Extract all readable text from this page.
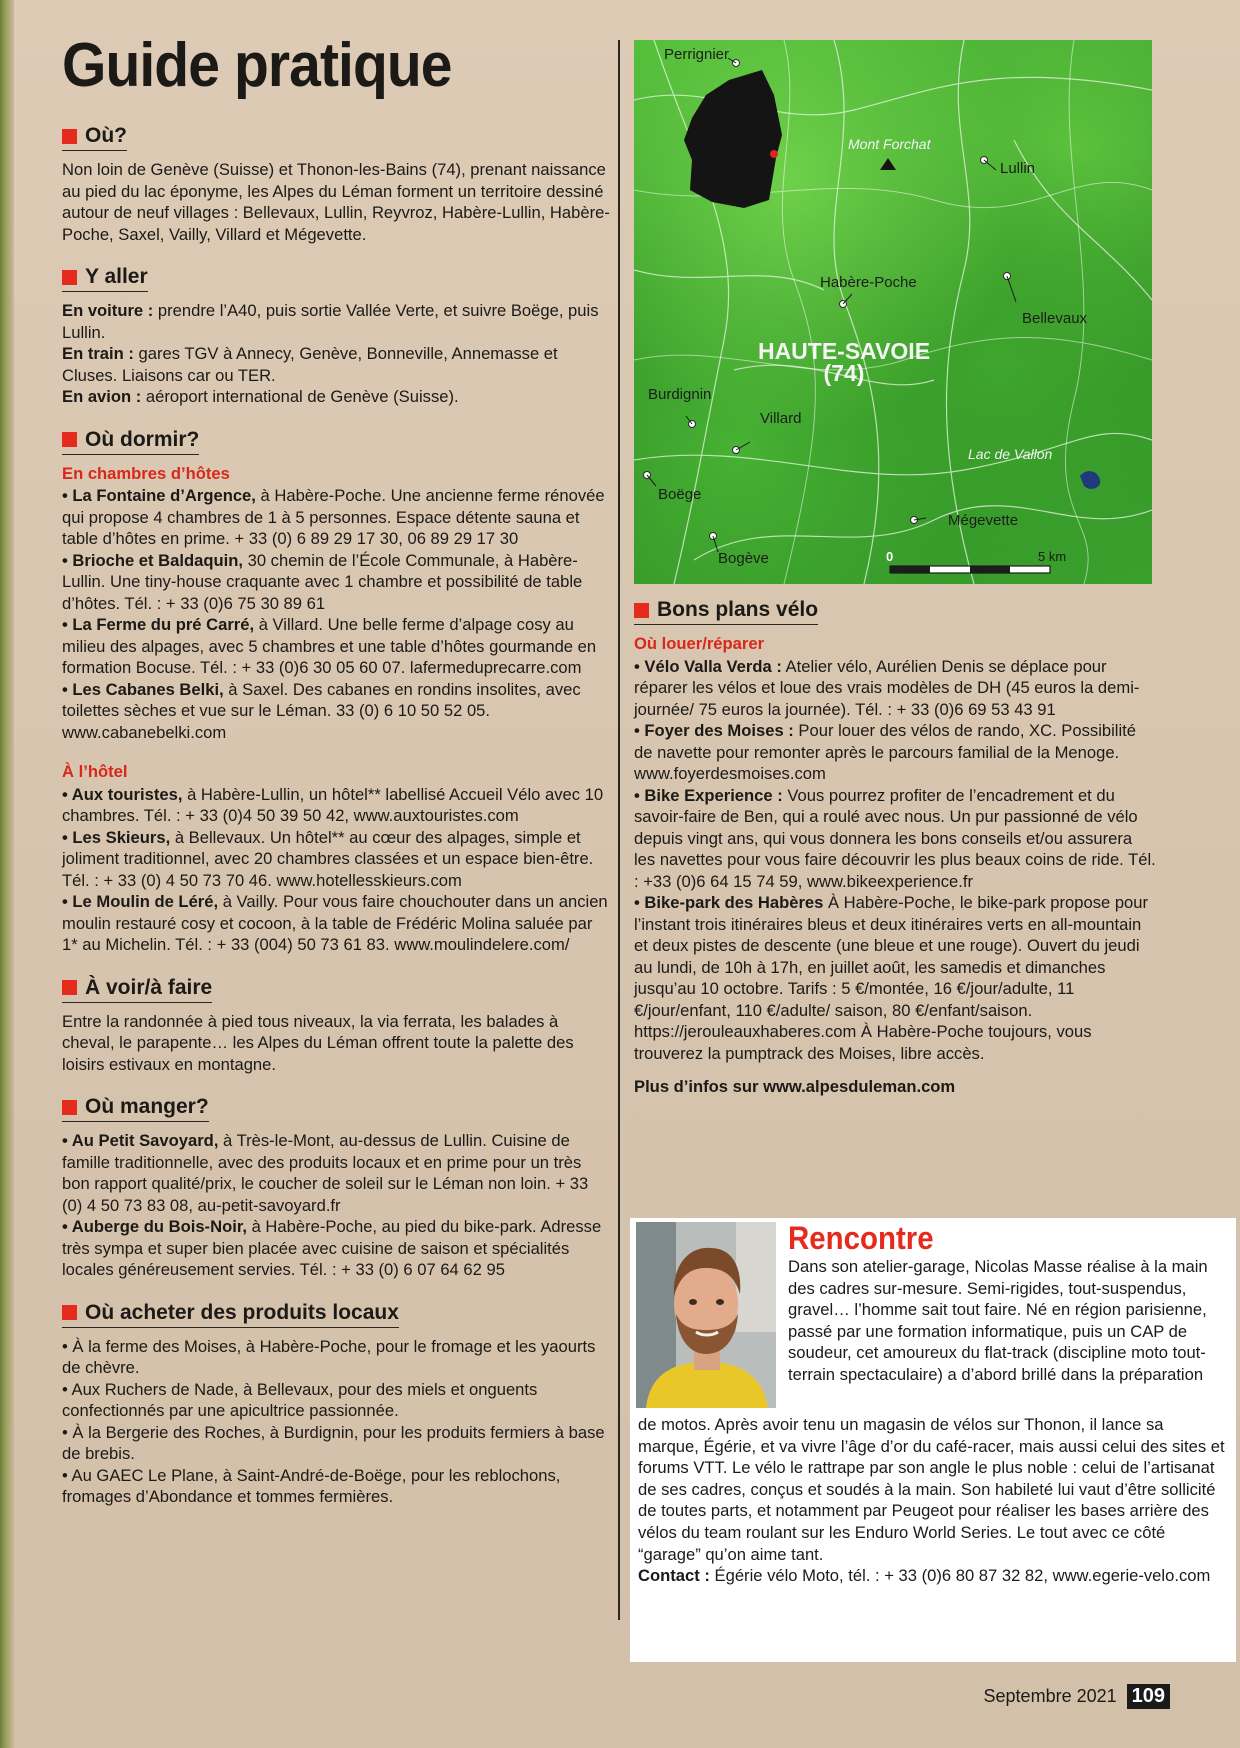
Guide pratique
Où?

Non loin de Genève (Suisse) et Thonon-les-Bains (74), prenant naissance au pied du lac éponyme, les Alpes du Léman forment un territoire dessiné autour de neuf villages : Bellevaux, Lullin, Reyvroz, Habère-Lullin, Habère-Poche, Saxel, Vailly, Villard et Mégevette.

Y aller

En voiture : prendre l’A40, puis sortie Vallée Verte, et suivre Boëge, puis Lullin.

En train : gares TGV à Annecy, Genève, Bonneville, Annemasse et Cluses. Liaisons car ou TER.

En avion : aéroport international de Genève (Suisse).

Où dormir?
En chambres d’hôtes

• La Fontaine d’Argence, à Habère-Poche. Une ancienne ferme rénovée qui propose 4 chambres de 1 à 5 personnes. Espace détente sauna et table d’hôtes en prime. + 33 (0) 6 89 29 17 30, 06 89 29 17 30

• Brioche et Baldaquin, 30 chemin de l’École Communale, à Habère-Lullin. Une tiny-house craquante avec 1 chambre et possibilité de table d’hôtes. Tél. : + 33 (0)6 75 30 89 61

• La Ferme du pré Carré, à Villard. Une belle ferme d’alpage cosy au milieu des alpages, avec 5 chambres et une table d’hôtes gourmande en formation Bocuse. Tél. : + 33 (0)6 30 05 60 07. lafermeduprecarre.com

• Les Cabanes Belki, à Saxel. Des cabanes en rondins insolites, avec toilettes sèches et vue sur le Léman. 33 (0) 6 10 50 52 05. www.cabanebelki.com

À l’hôtel

• Aux touristes, à Habère-Lullin, un hôtel** labellisé Accueil Vélo avec 10 chambres. Tél. : + 33 (0)4 50 39 50 42, www.auxtouristes.com

• Les Skieurs, à Bellevaux. Un hôtel** au cœur des alpages, simple et joliment traditionnel, avec 20 chambres classées et un espace bien-être. Tél. : + 33 (0) 4 50 73 70 46. www.hotellesskieurs.com

• Le Moulin de Léré, à Vailly. Pour vous faire chouchouter dans un ancien moulin restauré cosy et cocoon, à la table de Frédéric Molina saluée par 1* au Michelin. Tél. : + 33 (004) 50 73 61 83. www.moulindelere.com/

À voir/à faire

Entre la randonnée à pied tous niveaux, la via ferrata, les balades à cheval, le parapente… les Alpes du Léman offrent toute la palette des loisirs estivaux en montagne.

Où manger?

• Au Petit Savoyard, à Très-le-Mont, au-dessus de Lullin. Cuisine de famille traditionnelle, avec des produits locaux et en prime pour un très bon rapport qualité/prix, le coucher de soleil sur le Léman non loin. + 33 (0) 4 50 73 83 08, au-petit-savoyard.fr

• Auberge du Bois-Noir, à Habère-Poche, au pied du bike-park. Adresse très sympa et super bien placée avec cuisine de saison et spécialités locales généreusement servies. Tél. : + 33 (0) 6 07 64 62 95

Où acheter des produits locaux

• À la ferme des Moises, à Habère-Poche, pour le fromage et les yaourts de chèvre.

• Aux Ruchers de Nade, à Bellevaux, pour des miels et onguents confectionnés par une apicultrice passionnée.

• À la Bergerie des Roches, à Burdignin, pour les produits fermiers à base de brebis.

• Au GAEC Le Plane, à Saint-André-de-Boëge, pour les reblochons, fromages d’Abondance et tommes fermières.

Perrignier
Lullin
Habère-Poche
Bellevaux
Burdignin
Villard
Boëge
Mégevette
Bogève
Mont Forchat
Lac de Vallon
HAUTE-SAVOIE
(74)
0	5 km
Bons plans vélo
Où louer/réparer

• Vélo Valla Verda : Atelier vélo, Aurélien Denis se déplace pour réparer les vélos et loue des vrais modèles de DH (45 euros la demi-journée/ 75 euros la journée). Tél. : + 33 (0)6 69 53 43 91

• Foyer des Moises : Pour louer des vélos de rando, XC. Possibilité de navette pour remonter après le parcours familial de la Menoge. www.foyerdesmoises.com

• Bike Experience : Vous pourrez profiter de l’encadrement et du savoir-faire de Ben, qui a roulé avec nous. Un pur passionné de vélo depuis vingt ans, qui vous donnera les bons conseils et/ou assurera les navettes pour vous faire découvrir les plus beaux coins de ride. Tél. : +33 (0)6 64 15 74 59, www.bikeexperience.fr

• Bike-park des Habères À Habère-Poche, le bike-park propose pour l’instant trois itinéraires bleus et deux itinéraires verts en all-mountain et deux pistes de descente (une bleue et une rouge). Ouvert du jeudi au lundi, de 10h à 17h, en juillet août, les samedis et dimanches jusqu’au 10 octobre. Tarifs : 5 €/montée, 16 €/jour/adulte, 11 €/jour/enfant, 110 €/adulte/ saison, 80 €/enfant/saison. https://jerouleauxhaberes.com À Habère-Poche toujours, vous trouverez la pumptrack des Moises, libre accès.

Plus d’infos sur www.alpesduleman.com

Rencontre

Dans son atelier-garage, Nicolas Masse réalise à la main des cadres sur-mesure. Semi-rigides, tout-suspendus, gravel… l’homme sait tout faire. Né en région parisienne, passé par une formation informatique, puis un CAP de soudeur, cet amoureux du flat-track (discipline moto tout-terrain spectaculaire) a d’abord brillé dans la préparation

de motos. Après avoir tenu un magasin de vélos sur Thonon, il lance sa marque, Égérie, et va vivre l’âge d’or du café-racer, mais aussi celui des sites et forums VTT. Le vélo le rattrape par son angle le plus noble : celui de l’artisanat de ses cadres, conçus et soudés à la main. Son habileté lui vaut d’être sollicité de toutes parts, et notamment par Peugeot pour réaliser les bases arrière des vélos du team roulant sur les Enduro World Series. Le tout avec ce côté “garage” qu’on aime tant.

Contact : Égérie vélo Moto, tél. : + 33 (0)6 80 87 32 82, www.egerie-velo.com

Septembre 2021 109
